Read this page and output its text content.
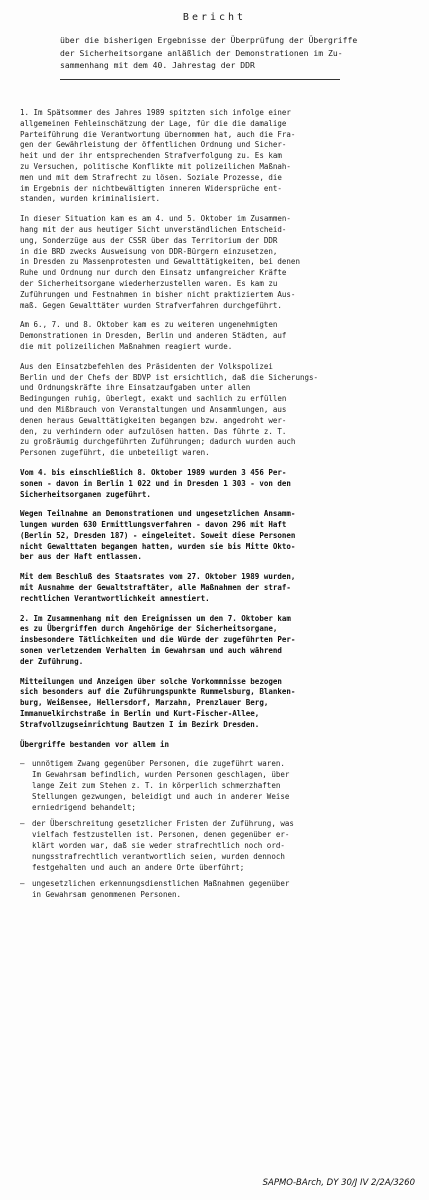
Bericht
über die bisherigen Ergebnisse der Überprüfung der Übergriffe
der Sicherheitsorgane anläßlich der Demonstrationen im Zu-
sammenhang mit dem 40. Jahrestag der DDR
1. Im Spätsommer des Jahres 1989 spitzten sich infolge einer
allgemeinen Fehleinschätzung der Lage, für die die damalige
Parteiführung die Verantwortung übernommen hat, auch die Fra-
gen der Gewährleistung der öffentlichen Ordnung und Sicher-
heit und der ihr entsprechenden Strafverfolgung zu. Es kam
zu Versuchen, politische Konflikte mit polizeilichen Maßnah-
men und mit dem Strafrecht zu lösen. Soziale Prozesse, die
im Ergebnis der nichtbewältigten inneren Widersprüche ent-
standen, wurden kriminalisiert.
In dieser Situation kam es am 4. und 5. Oktober im Zusammen-
hang mit der aus heutiger Sicht unverständlichen Entscheid-
ung, Sonderzüge aus der CSSR über das Territorium der DDR
in die BRD zwecks Ausweisung von DDR-Bürgern einzusetzen,
in Dresden zu Massenprotesten und Gewalttätigkeiten, bei denen
Ruhe und Ordnung nur durch den Einsatz umfangreicher Kräfte
der Sicherheitsorgane wiederherzustellen waren. Es kam zu
Zuführungen und Festnahmen in bisher nicht praktiziertem Aus-
maß. Gegen Gewalttäter wurden Strafverfahren durchgeführt.
Am 6., 7. und 8. Oktober kam es zu weiteren ungenehmigten
Demonstrationen in Dresden, Berlin und anderen Städten, auf
die mit polizeilichen Maßnahmen reagiert wurde.
Aus den Einsatzbefehlen des Präsidenten der Volkspolizei
Berlin und der Chefs der BDVP ist ersichtlich, daß die Sicherungs-
und Ordnungskräfte ihre Einsatzaufgaben unter allen
Bedingungen ruhig, überlegt, exakt und sachlich zu erfüllen
und den Mißbrauch von Veranstaltungen und Ansammlungen, aus
denen heraus Gewalttätigkeiten begangen bzw. angedroht wer-
den, zu verhindern oder aufzulösen hatten. Das führte z. T.
zu großräumig durchgeführten Zuführungen; dadurch wurden auch
Personen zugeführt, die unbeteiligt waren.
Vom 4. bis einschließlich 8. Oktober 1989 wurden 3 456 Per-
sonen - davon in Berlin 1 022 und in Dresden 1 303 - von den
Sicherheitsorganen zugeführt.
Wegen Teilnahme an Demonstrationen und ungesetzlichen Ansamm-
lungen wurden 630 Ermittlungsverfahren - davon 296 mit Haft
(Berlin 52, Dresden 187) - eingeleitet. Soweit diese Personen
nicht Gewalttaten begangen hatten, wurden sie bis Mitte Okto-
ber aus der Haft entlassen.
Mit dem Beschluß des Staatsrates vom 27. Oktober 1989 wurden,
mit Ausnahme der Gewaltstraftäter, alle Maßnahmen der straf-
rechtlichen Verantwortlichkeit amnestiert.
2. Im Zusammenhang mit den Ereignissen um den 7. Oktober kam
es zu Übergriffen durch Angehörige der Sicherheitsorgane,
insbesondere Tätlichkeiten und die Würde der zugeführten Per-
sonen verletzendem Verhalten im Gewahrsam und auch während
der Zuführung.
Mitteilungen und Anzeigen über solche Vorkommnisse bezogen
sich besonders auf die Zuführungspunkte Rummelsburg, Blanken-
burg, Weißensee, Hellersdorf, Marzahn, Prenzlauer Berg,
Immanuelkirchstraße in Berlin und Kurt-Fischer-Allee,
Strafvollzugseinrichtung Bautzen I im Bezirk Dresden.
Übergriffe bestanden vor allem in
– unnötigem Zwang gegenüber Personen, die zugeführt waren.
Im Gewahrsam befindlich, wurden Personen geschlagen, über
lange Zeit zum Stehen z. T. in körperlich schmerzhaften
Stellungen gezwungen, beleidigt und auch in anderer Weise
erniedrigend behandelt;
– der Überschreitung gesetzlicher Fristen der Zuführung, was
vielfach festzustellen ist. Personen, denen gegenüber er-
klärt worden war, daß sie weder strafrechtlich noch ord-
nungsstrafrechtlich verantwortlich seien, wurden dennoch
festgehalten und auch an andere Orte überführt;
– ungesetzlichen erkennungsdienstlichen Maßnahmen gegenüber
in Gewahrsam genommenen Personen.
SAPMO-BArch, DY 30/J IV 2/2A/3260
